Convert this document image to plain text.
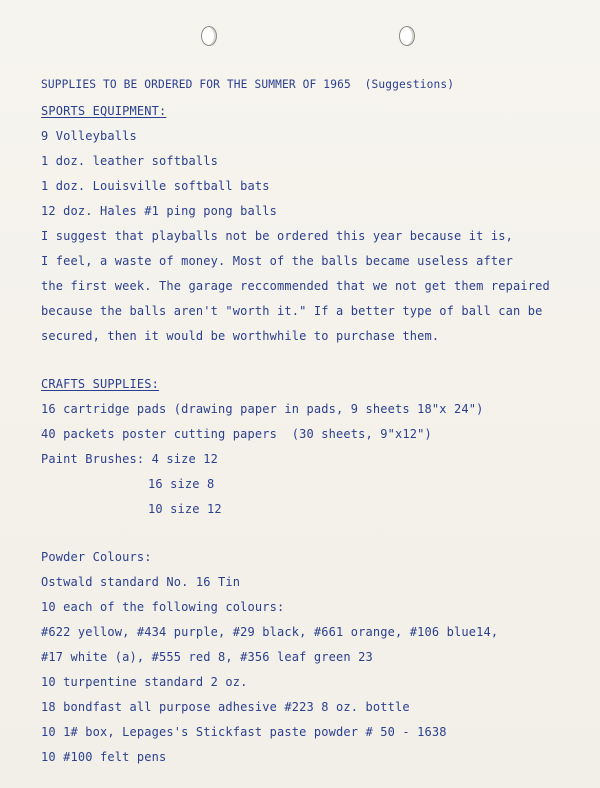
SUPPLIES TO BE ORDERED FOR THE SUMMER OF 1965  (Suggestions)
SPORTS EQUIPMENT:
9 Volleyballs
1 doz. leather softballs
1 doz. Louisville softball bats
12 doz. Hales #1 ping pong balls
I suggest that playballs not be ordered this year because it is,
I feel, a waste of money. Most of the balls became useless after
the first week. The garage reccommended that we not get them repaired
because the balls aren't "worth it." If a better type of ball can be
secured, then it would be worthwhile to purchase them.
CRAFTS SUPPLIES:
16 cartridge pads (drawing paper in pads, 9 sheets 18"x 24")
40 packets poster cutting papers  (30 sheets, 9"x12")
Paint Brushes: 4 size 12
16 size 8
10 size 12
Powder Colours:
Ostwald standard No. 16 Tin
10 each of the following colours:
#622 yellow, #434 purple, #29 black, #661 orange, #106 blue14,
#17 white (a), #555 red 8, #356 leaf green 23
10 turpentine standard 2 oz.
18 bondfast all purpose adhesive #223 8 oz. bottle
10 1# box, Lepages's Stickfast paste powder # 50 - 1638
10 #100 felt pens
